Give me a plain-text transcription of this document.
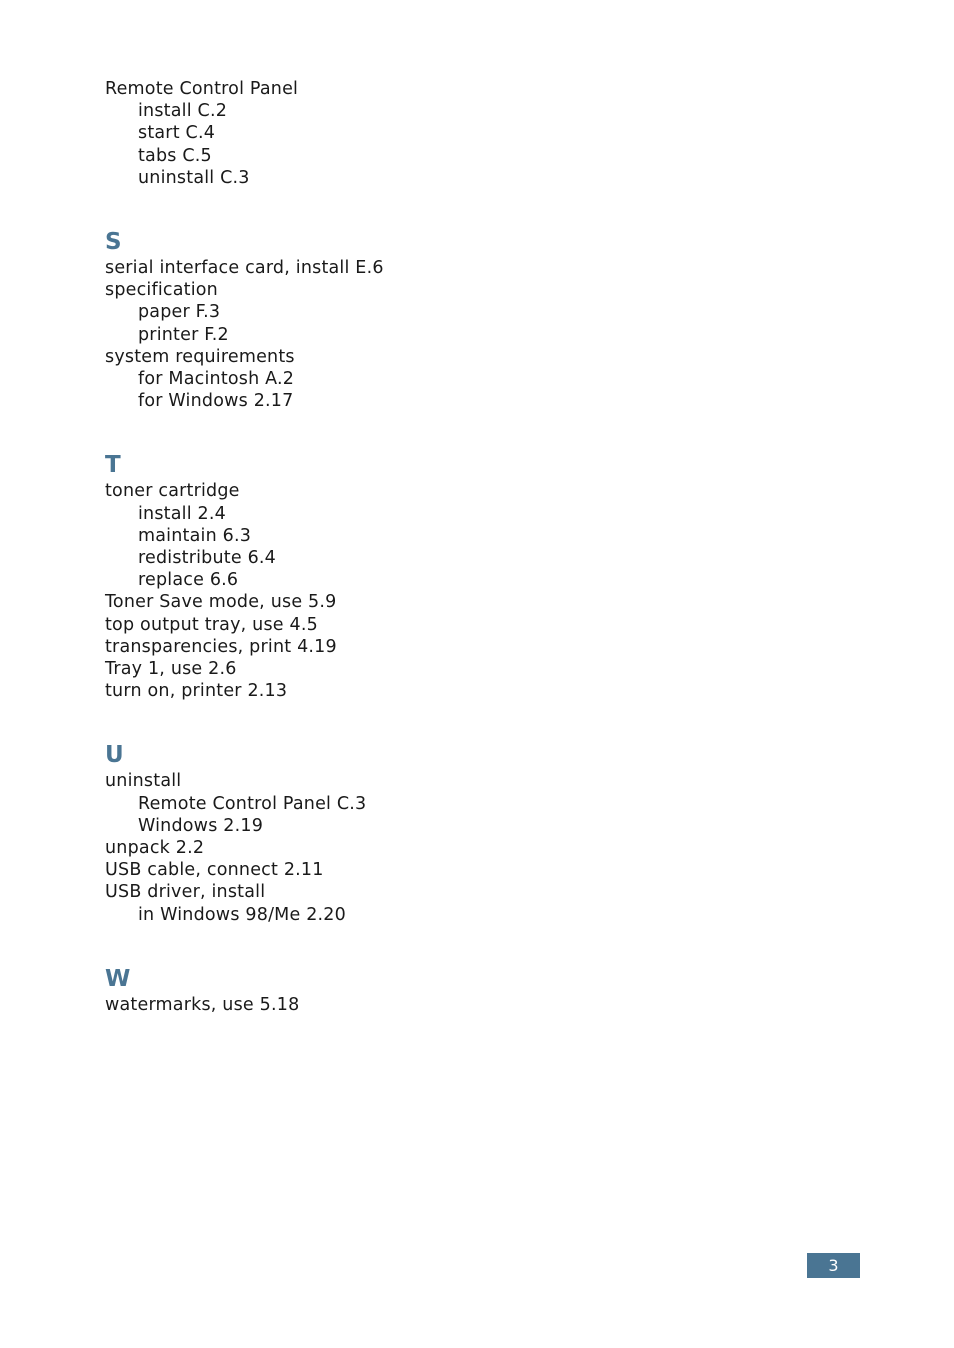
Remote Control Panel
install C.2
start C.4
tabs C.5
uninstall C.3
S
serial interface card, install E.6
specification
paper F.3
printer F.2
system requirements
for Macintosh A.2
for Windows 2.17
T
toner cartridge
install 2.4
maintain 6.3
redistribute 6.4
replace 6.6
Toner Save mode, use 5.9
top output tray, use 4.5
transparencies, print 4.19
Tray 1, use 2.6
turn on, printer 2.13
U
uninstall
Remote Control Panel C.3
Windows 2.19
unpack 2.2
USB cable, connect 2.11
USB driver, install
in Windows 98/Me 2.20
W
watermarks, use 5.18
3
